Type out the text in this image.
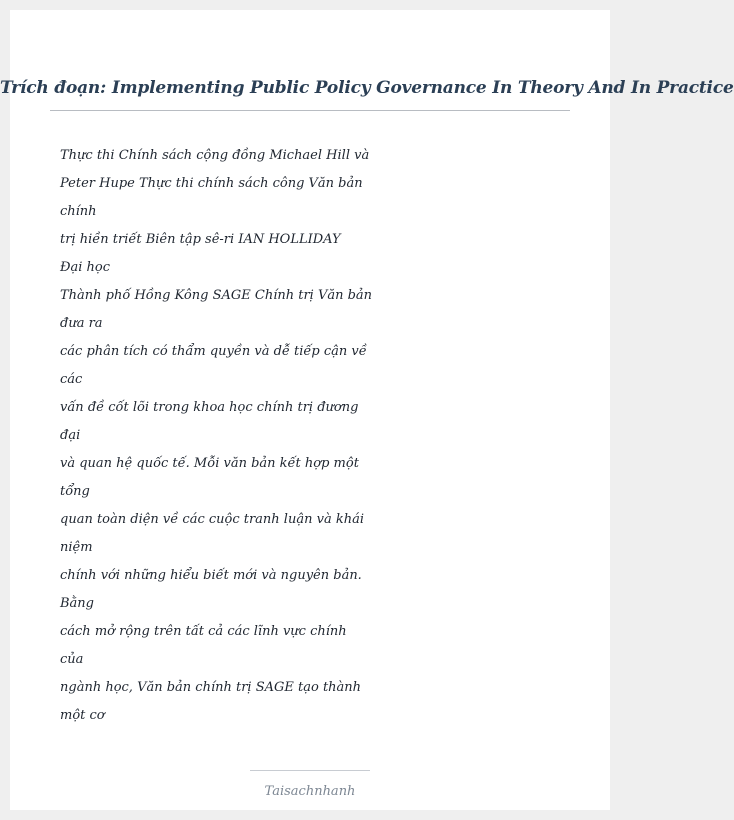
Trích đoạn: Implementing Public Policy Governance In Theory And In Practice
Thực thi Chính sách cộng đồng Michael Hill và
Peter Hupe Thực thi chính sách công Văn bản
chính
trị hiền triết Biên tập sê-ri IAN HOLLIDAY
Đại học
Thành phố Hồng Kông SAGE Chính trị Văn bản
đưa ra
các phân tích có thẩm quyền và dễ tiếp cận về
các
vấn đề cốt lõi trong khoa học chính trị đương
đại
và quan hệ quốc tế. Mỗi văn bản kết hợp một
tổng
quan toàn diện về các cuộc tranh luận và khái
niệm
chính với những hiểu biết mới và nguyên bản.
Bằng
cách mở rộng trên tất cả các lĩnh vực chính
của
ngành học, Văn bản chính trị SAGE tạo thành
một cơ
Taisachnhanh
